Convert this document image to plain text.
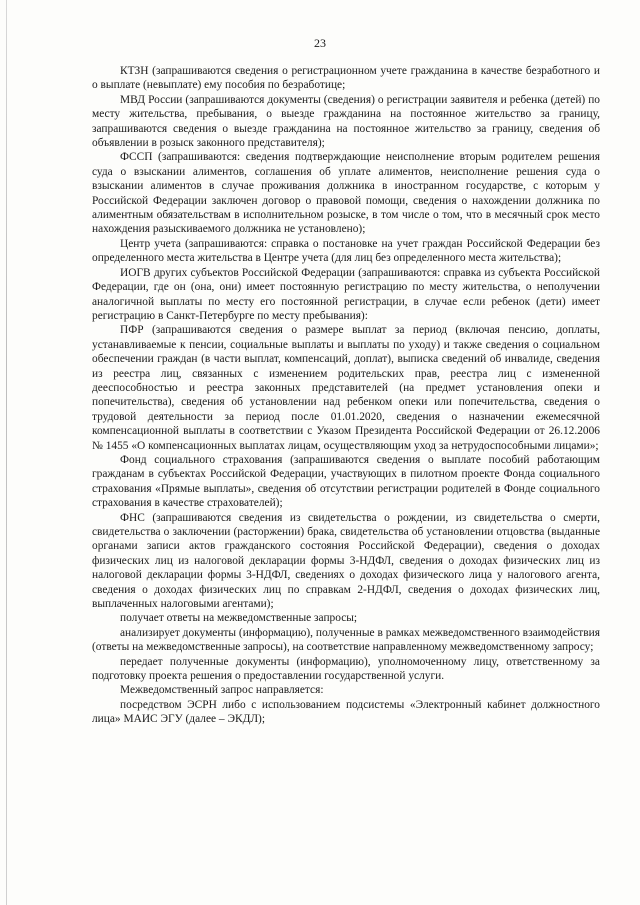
23

КТЗН (запрашиваются сведения о регистрационном учете гражданина в качестве безработного и о выплате (невыплате) ему пособия по безработице;

МВД России (запрашиваются документы (сведения) о регистрации заявителя и ребенка (детей) по месту жительства, пребывания, о выезде гражданина на постоянное жительство за границу, запрашиваются сведения о выезде гражданина на постоянное жительство за границу, сведения об объявлении в розыск законного представителя);

ФССП (запрашиваются: сведения подтверждающие неисполнение вторым родителем решения суда о взыскании алиментов, соглашения об уплате алиментов, неисполнение решения суда о взыскании алиментов в случае проживания должника в иностранном государстве, с которым у Российской Федерации заключен договор о правовой помощи, сведения о нахождении должника по алиментным обязательствам в исполнительном розыске, в том числе о том, что в месячный срок место нахождения разыскиваемого должника не установлено);

Центр учета (запрашиваются: справка о постановке на учет граждан Российской Федерации без определенного места жительства в Центре учета (для лиц без определенного места жительства);

ИОГВ других субъектов Российской Федерации (запрашиваются: справка из субъекта Российской Федерации, где он (она, они) имеет постоянную регистрацию по месту жительства, о неполучении аналогичной выплаты по месту его постоянной регистрации, в случае если ребенок (дети) имеет регистрацию в Санкт-Петербурге по месту пребывания):

ПФР (запрашиваются сведения о размере выплат за период (включая пенсию, доплаты, устанавливаемые к пенсии, социальные выплаты и выплаты по уходу) и также сведения о социальном обеспечении граждан (в части выплат, компенсаций, доплат), выписка сведений об инвалиде, сведения из реестра лиц, связанных с изменением родительских прав, реестра лиц с измененной дееспособностью и реестра законных представителей (на предмет установления опеки и попечительства), сведения об установлении над ребенком опеки или попечительства, сведения о трудовой деятельности за период после 01.01.2020, сведения о назначении ежемесячной компенсационной выплаты в соответствии с Указом Президента Российской Федерации от 26.12.2006 № 1455 «О компенсационных выплатах лицам, осуществляющим уход за нетрудоспособными лицами»;

Фонд социального страхования (запрашиваются сведения о выплате пособий работающим гражданам в субъектах Российской Федерации, участвующих в пилотном проекте Фонда социального страхования «Прямые выплаты», сведения об отсутствии регистрации родителей в Фонде социального страхования в качестве страхователей);

ФНС (запрашиваются сведения из свидетельства о рождении, из свидетельства о смерти, свидетельства о заключении (расторжении) брака, свидетельства об установлении отцовства (выданные органами записи актов гражданского состояния Российской Федерации), сведения о доходах физических лиц из налоговой декларации формы 3-НДФЛ, сведения о доходах физических лиц из налоговой декларации формы 3-НДФЛ, сведениях о доходах физического лица у налогового агента, сведения о доходах физических лиц по справкам 2-НДФЛ, сведения о доходах физических лиц, выплаченных налоговыми агентами);

получает ответы на межведомственные запросы;

анализирует документы (информацию), полученные в рамках межведомственного взаимодействия (ответы на межведомственные запросы), на соответствие направленному межведомственному запросу;

передает полученные документы (информацию), уполномоченному лицу, ответственному за подготовку проекта решения о предоставлении государственной услуги.

Межведомственный запрос направляется:

посредством ЭСРН либо с использованием подсистемы «Электронный кабинет должностного лица» МАИС ЭГУ (далее – ЭКДЛ);
